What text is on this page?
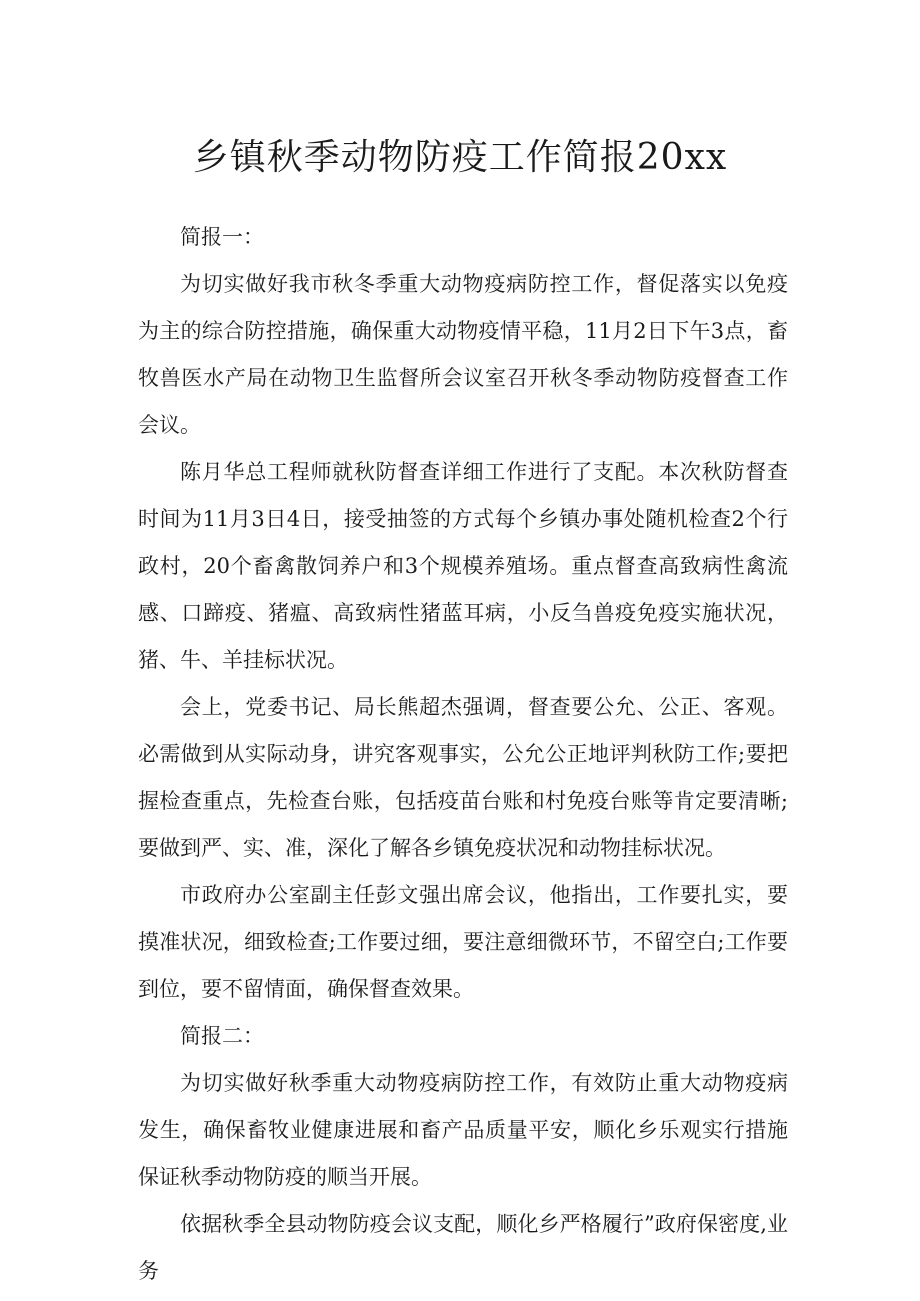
乡镇秋季动物防疫工作简报20xx

简报一：

为切实做好我市秋冬季重大动物疫病防控工作，督促落实以免疫为主的综合防控措施，确保重大动物疫情平稳，11月2日下午3点，畜牧兽医水产局在动物卫生监督所会议室召开秋冬季动物防疫督查工作会议。

陈月华总工程师就秋防督查详细工作进行了支配。本次秋防督查时间为11月3日4日，接受抽签的方式每个乡镇办事处随机检查2个行政村，20个畜禽散饲养户和3个规模养殖场。重点督查高致病性禽流感、口蹄疫、猪瘟、高致病性猪蓝耳病，小反刍兽疫免疫实施状况，猪、牛、羊挂标状况。

会上，党委书记、局长熊超杰强调，督查要公允、公正、客观。必需做到从实际动身，讲究客观事实，公允公正地评判秋防工作;要把握检查重点，先检查台账，包括疫苗台账和村免疫台账等肯定要清晰;要做到严、实、准，深化了解各乡镇免疫状况和动物挂标状况。

市政府办公室副主任彭文强出席会议，他指出，工作要扎实，要摸准状况，细致检查;工作要过细，要注意细微环节，不留空白;工作要到位，要不留情面，确保督查效果。

简报二：

为切实做好秋季重大动物疫病防控工作，有效防止重大动物疫病发生，确保畜牧业健康进展和畜产品质量平安，顺化乡乐观实行措施保证秋季动物防疫的顺当开展。

依据秋季全县动物防疫会议支配，顺化乡严格履行”政府保密度,业务
